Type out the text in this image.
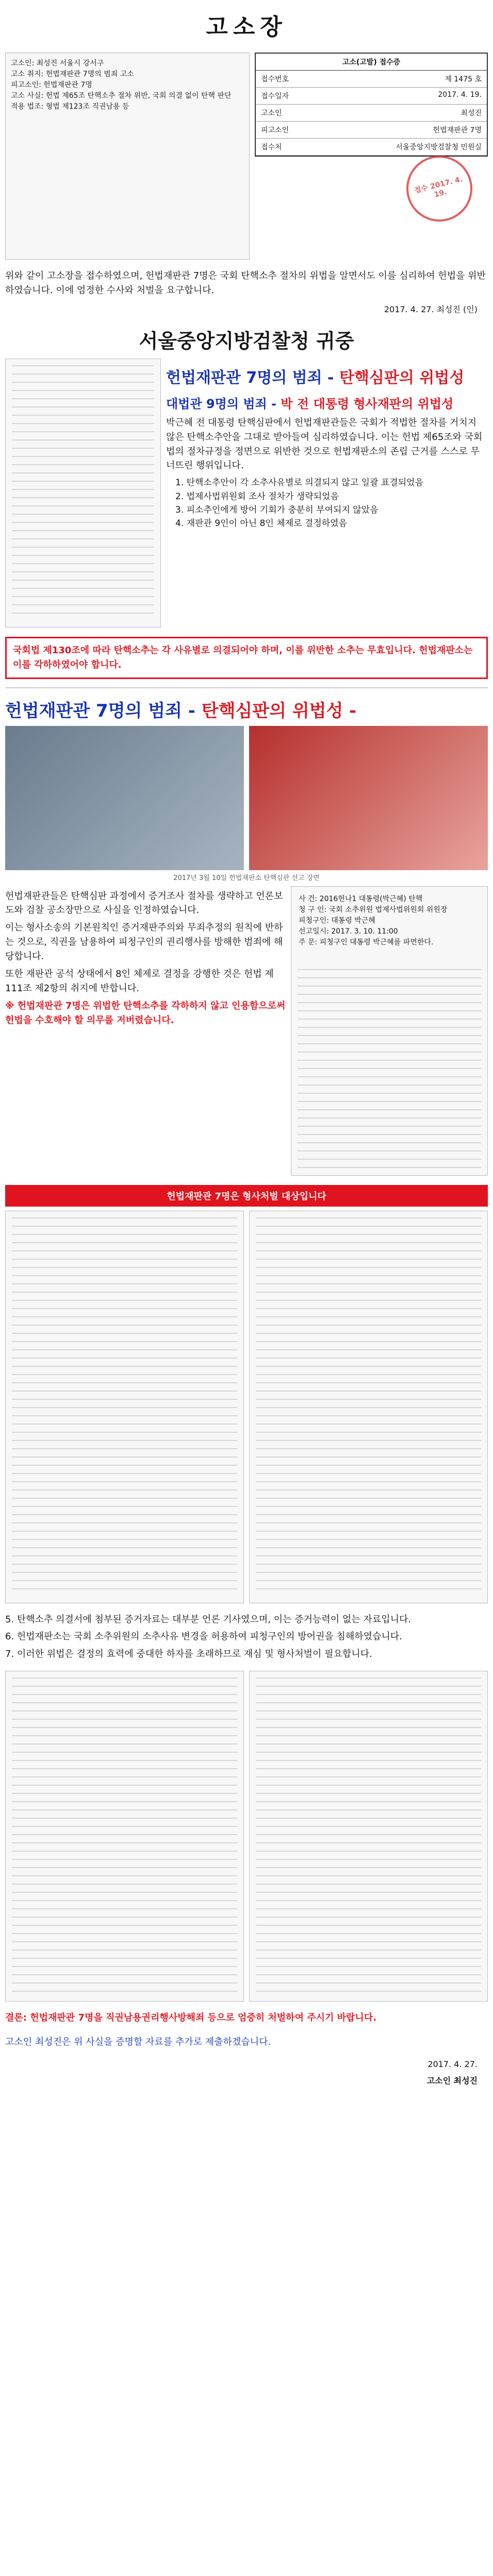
고소장
고소인: 최성진 서울시 강서구
고소 취지: 헌법재판관 7명의 범죄 고소
피고소인: 헌법재판관 7명
고소 사실: 헌법 제65조 탄핵소추 절차 위반, 국회 의결 없이 탄핵 판단
적용 법조: 형법 제123조 직권남용 등
고소(고발) 접수증
접수번호	제 1475 호
접수일자	2017. 4. 19.
고소인	최성진
피고소인	헌법재판관 7명
접수처	서울중앙지방검찰청 민원실
접수 2017. 4. 19.

위와 같이 고소장을 접수하였으며, 헌법재판관 7명은 국회 탄핵소추 절차의 위법을 알면서도 이를 심리하여 헌법을 위반하였습니다. 이에 엄정한 수사와 처벌을 요구합니다.

2017. 4. 27. 최성진 (인)
서울중앙지방검찰청 귀중
헌법재판관 7명의 범죄 - 탄핵심판의 위법성
대법관 9명의 범죄 - 박 전 대통령 형사재판의 위법성

박근혜 전 대통령 탄핵심판에서 헌법재판관들은 국회가 적법한 절차를 거치지 않은 탄핵소추안을 그대로 받아들여 심리하였습니다. 이는 헌법 제65조와 국회법의 절차규정을 정면으로 위반한 것으로 헌법재판소의 존립 근거를 스스로 무너뜨린 행위입니다.

1. 탄핵소추안이 각 소추사유별로 의결되지 않고 일괄 표결되었음
2. 법제사법위원회 조사 절차가 생략되었음
3. 피소추인에게 방어 기회가 충분히 부여되지 않았음
4. 재판관 9인이 아닌 8인 체제로 결정하였음

국회법 제130조에 따라 탄핵소추는 각 사유별로 의결되어야 하며, 이를 위반한 소추는 무효입니다. 헌법재판소는 이를 각하하였어야 합니다.

헌법재판관 7명의 범죄 - 탄핵심판의 위법성 -
2017년 3월 10일 헌법재판소 탄핵심판 선고 장면

헌법재판관들은 탄핵심판 과정에서 증거조사 절차를 생략하고 언론보도와 검찰 공소장만으로 사실을 인정하였습니다.

이는 형사소송의 기본원칙인 증거재판주의와 무죄추정의 원칙에 반하는 것으로, 직권을 남용하여 피청구인의 권리행사를 방해한 범죄에 해당합니다.

또한 재판관 공석 상태에서 8인 체제로 결정을 강행한 것은 헌법 제111조 제2항의 취지에 반합니다.

※ 헌법재판관 7명은 위법한 탄핵소추를 각하하지 않고 인용함으로써 헌법을 수호해야 할 의무를 저버렸습니다.

사 건: 2016헌나1 대통령(박근혜) 탄핵
청 구 인: 국회 소추위원 법제사법위원회 위원장
피청구인: 대통령 박근혜
선고일시: 2017. 3. 10. 11:00
주 문: 피청구인 대통령 박근혜를 파면한다.
헌법재판관 7명은 형사처벌 대상입니다

5. 탄핵소추 의결서에 첨부된 증거자료는 대부분 언론 기사였으며, 이는 증거능력이 없는 자료입니다.

6. 헌법재판소는 국회 소추위원의 소추사유 변경을 허용하여 피청구인의 방어권을 침해하였습니다.

7. 이러한 위법은 결정의 효력에 중대한 하자를 초래하므로 재심 및 형사처벌이 필요합니다.

결론: 헌법재판관 7명을 직권남용권리행사방해죄 등으로 엄중히 처벌하여 주시기 바랍니다.

고소인 최성진은 위 사실을 증명할 자료를 추가로 제출하겠습니다.

2017. 4. 27.
고소인 최성진
